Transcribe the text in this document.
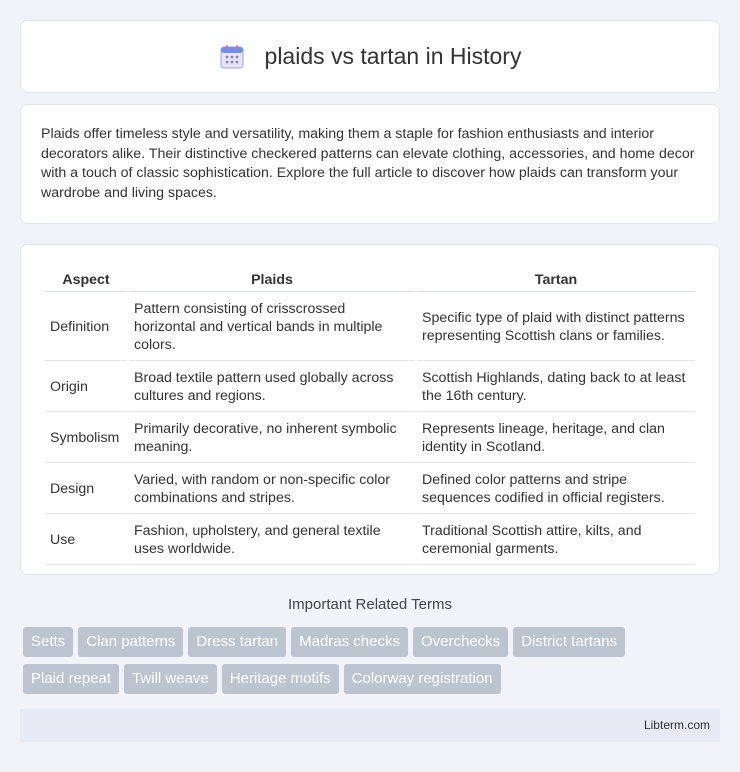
plaids vs tartan in History

Plaids offer timeless style and versatility, making them a staple for fashion enthusiasts and interior decorators alike. Their distinctive checkered patterns can elevate clothing, accessories, and home decor with a touch of classic sophistication. Explore the full article to discover how plaids can transform your wardrobe and living spaces.

Aspect	Plaids	Tartan
Definition	Pattern consisting of crisscrossed horizontal and vertical bands in multiple colors.	Specific type of plaid with distinct patterns representing Scottish clans or families.
Origin	Broad textile pattern used globally across cultures and regions.	Scottish Highlands, dating back to at least the 16th century.
Symbolism	Primarily decorative, no inherent symbolic meaning.	Represents lineage, heritage, and clan identity in Scotland.
Design	Varied, with random or non-specific color combinations and stripes.	Defined color patterns and stripe sequences codified in official registers.
Use	Fashion, upholstery, and general textile uses worldwide.	Traditional Scottish attire, kilts, and ceremonial garments.
Important Related Terms
Setts	Clan patterns	Dress tartan	Madras checks	Overchecks	District tartans
Plaid repeat	Twill weave	Heritage motifs	Colorway registration
Libterm.com
